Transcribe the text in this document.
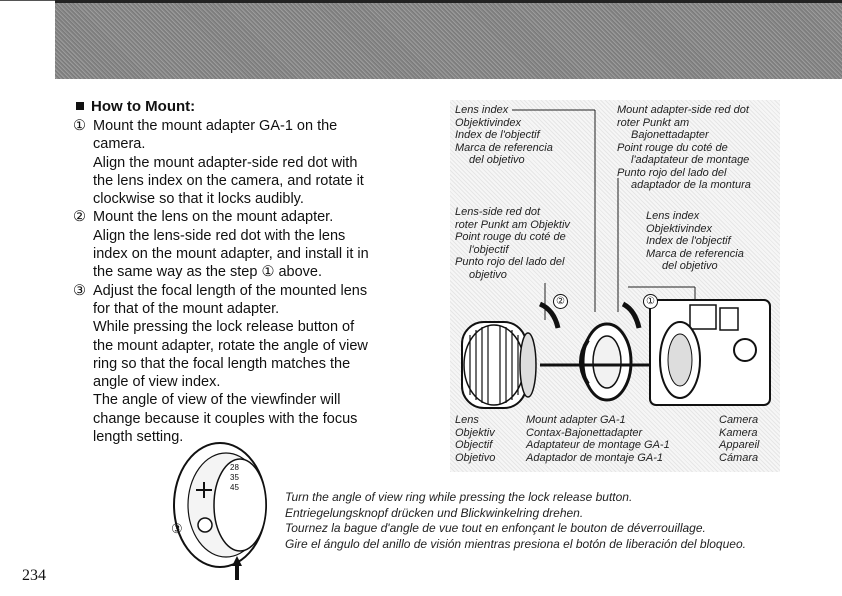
How to Mount:
① Mount the mount adapter GA-1 on the

camera.

Align the mount adapter-side red dot with

the lens index on the camera, and rotate it

clockwise so that it locks audibly.

② Mount the lens on the mount adapter.

Align the lens-side red dot with the lens

index on the mount adapter, and install it in

the same way as the step ① above.

③ Adjust the focal length of the mounted lens

for that of the mount adapter.

While pressing the lock release button of

the mount adapter, rotate the angle of view

ring so that the focal length matches the

angle of view index.

The angle of view of the viewfinder will

change because it couples with the focus

length setting.

28
35
45
Lens index
Objektivindex
Index de l'objectif
Marca de referencia
del objetivo
Mount adapter-side red dot
roter Punkt am
Bajonettadapter
Point rouge du coté de
l'adaptateur de montage
Punto rojo del lado del
adaptador de la montura
Lens-side red dot
roter Punkt am Objektiv
Point rouge du coté de
l'objectif
Punto rojo del lado del
objetivo
Lens index
Objektivindex
Index de l'objectif
Marca de referencia
del objetivo
②	①
Lens
Objektiv
Objectif
Objetivo
Mount adapter GA-1
Contax-Bajonettadapter
Adaptateur de montage GA-1
Adaptador de montaje GA-1
Camera
Kamera
Appareil
Cámara
③
Turn the angle of view ring while pressing the lock release button.
Entriegelungsknopf drücken und Blickwinkelring drehen.
Tournez la bague d'angle de vue tout en enfonçant le bouton de déverrouillage.
Gire el ángulo del anillo de visión mientras presiona el botón de liberación del bloqueo.
234
